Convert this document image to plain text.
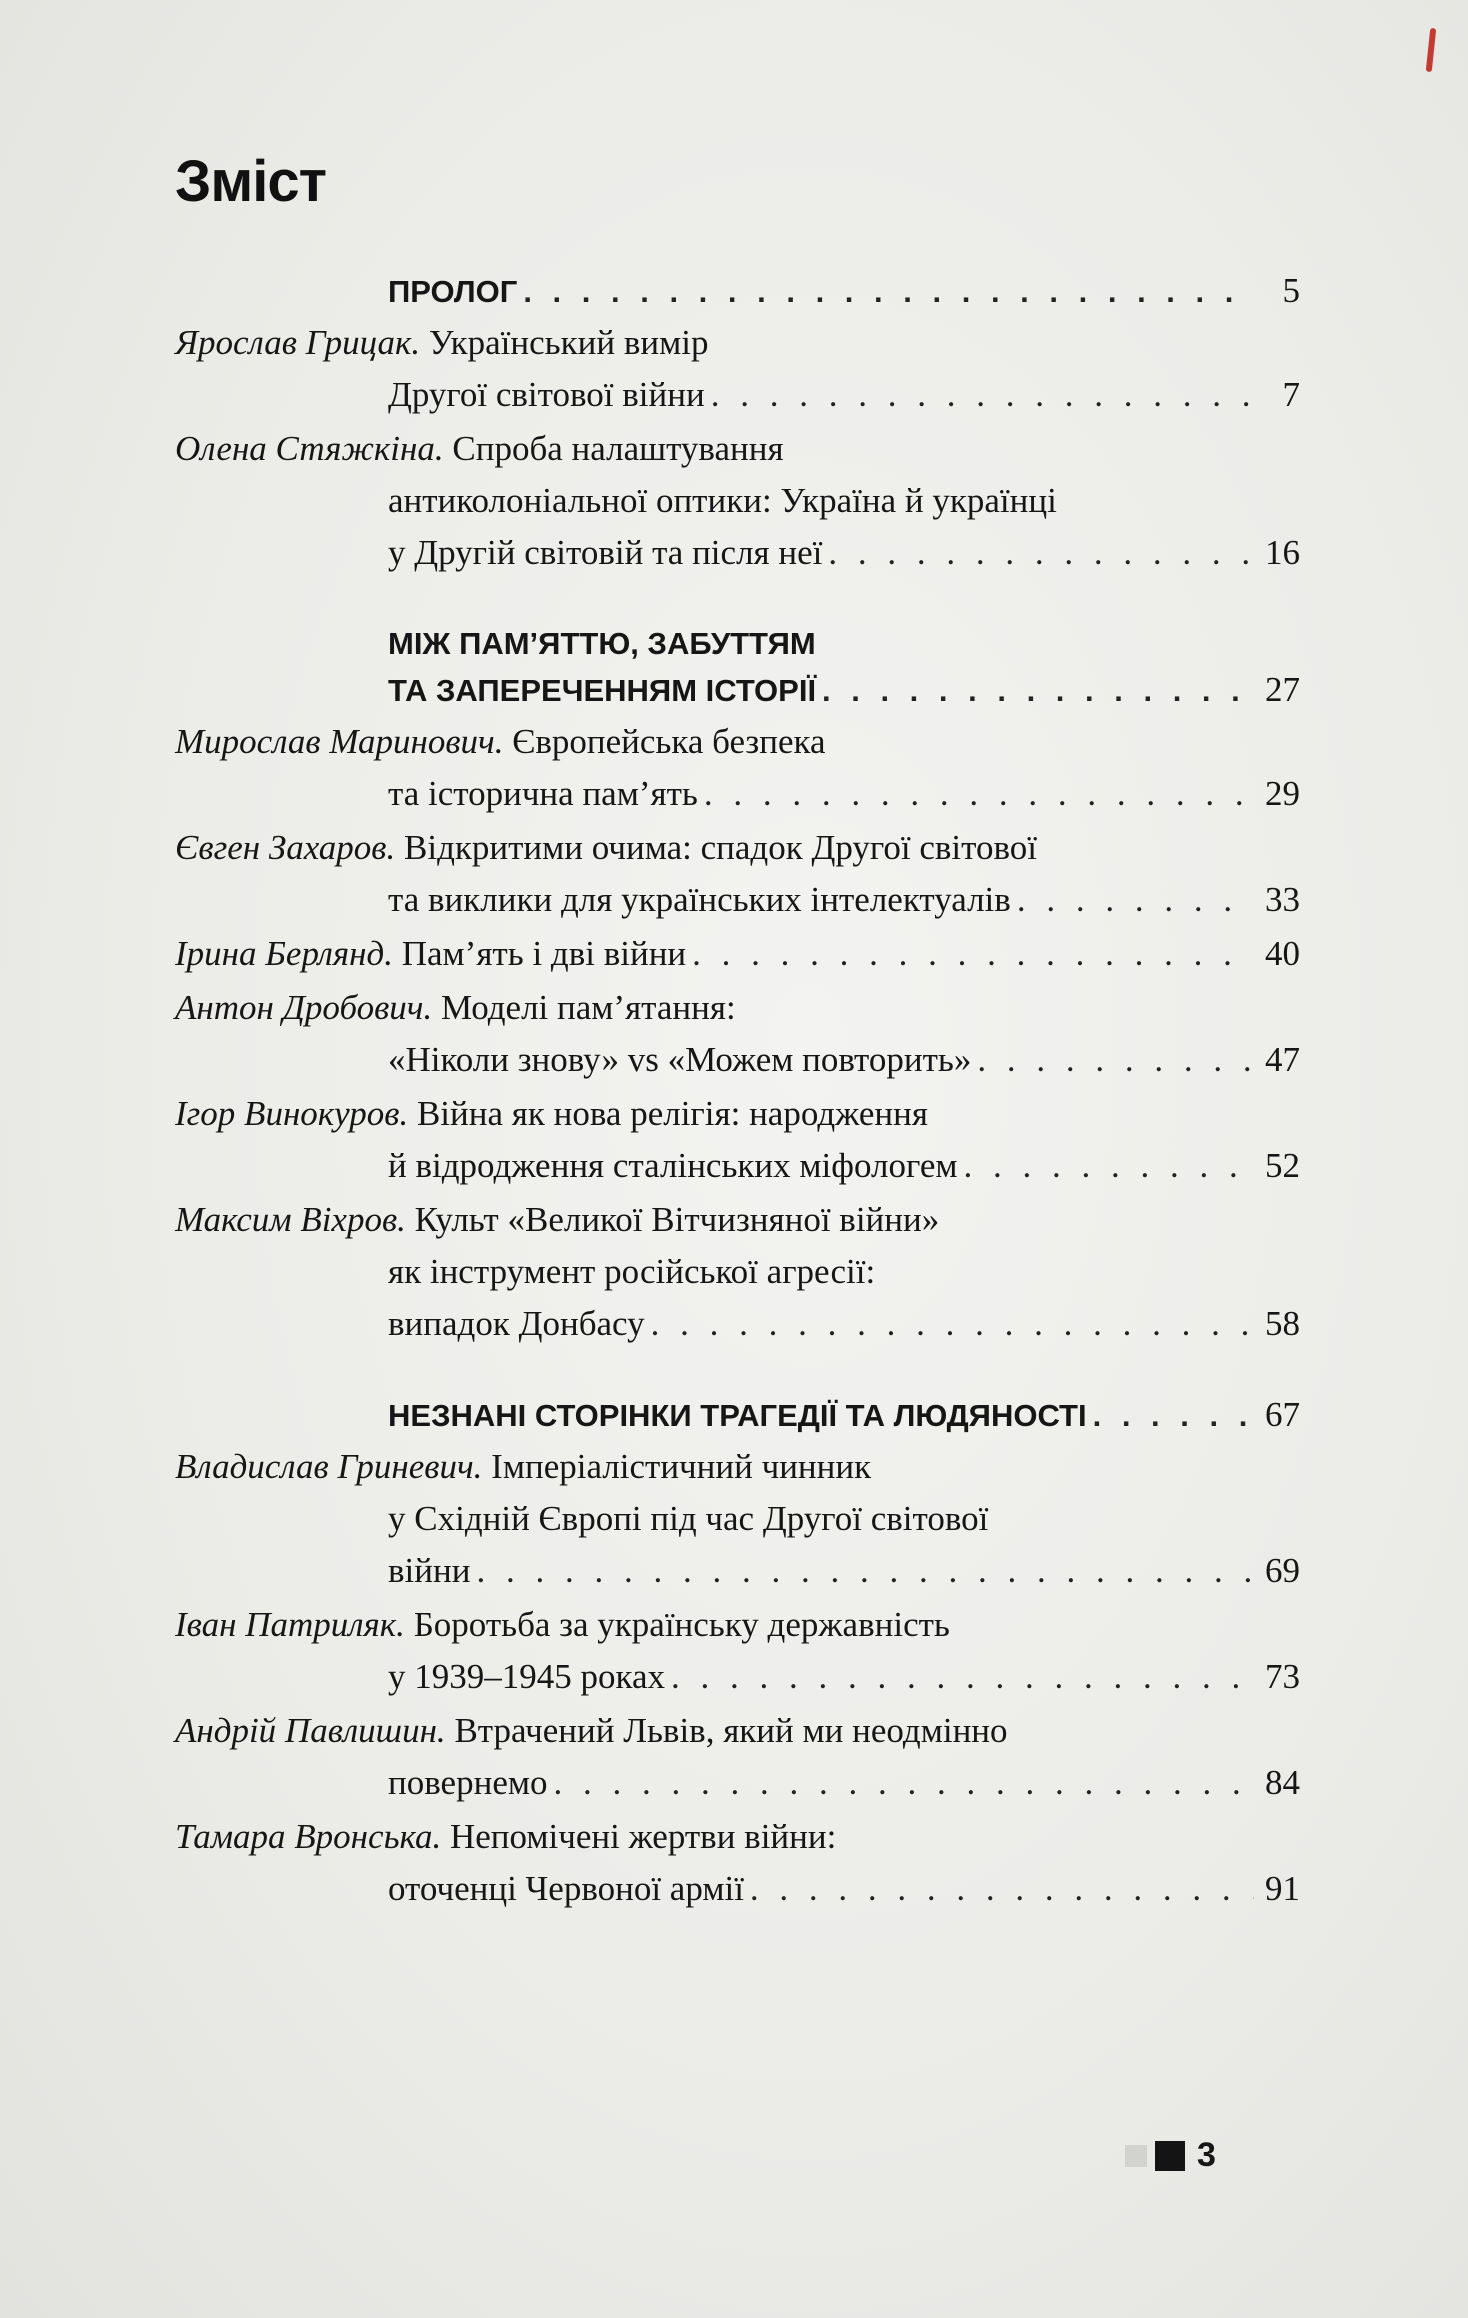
Зміст
ПРОЛОГ . . .	5
Ярослав Грицак. Український вимір
Другої світової війни . . .	7
Олена Стяжкіна. Спроба налаштування
антиколоніальної оптики: Україна й українці
у Другій світовій та після неї . . .	16
МІЖ ПАМ’ЯТТЮ, ЗАБУТТЯМ
ТА ЗАПЕРЕЧЕННЯМ ІСТОРІЇ . . .	27
Мирослав Маринович. Європейська безпека
та історична пам’ять . . .	29
Євген Захаров. Відкритими очима: спадок Другої світової
та виклики для українських інтелектуалів . . .	33
Ірина Берлянд. Пам’ять і дві війни . . .	40
Антон Дробович. Моделі пам’ятання:
«Ніколи знову» vs «Можем повторить» . . .	47
Ігор Винокуров. Війна як нова релігія: народження
й відродження сталінських міфологем . . .	52
Максим Віхров. Культ «Великої Вітчизняної війни»
як інструмент російської агресії:
випадок Донбасу . . .	58
НЕЗНАНІ СТОРІНКИ ТРАГЕДІЇ ТА ЛЮДЯНОСТІ . . .	67
Владислав Гриневич. Імперіалістичний чинник
у Східній Європі під час Другої світової
війни . . .	69
Іван Патриляк. Боротьба за українську державність
у 1939–1945 роках . . .	73
Андрій Павлишин. Втрачений Львів, який ми неодмінно
повернемо . . .	84
Тамара Вронська. Непомічені жертви війни:
оточенці Червоної армії . . .	91
3
